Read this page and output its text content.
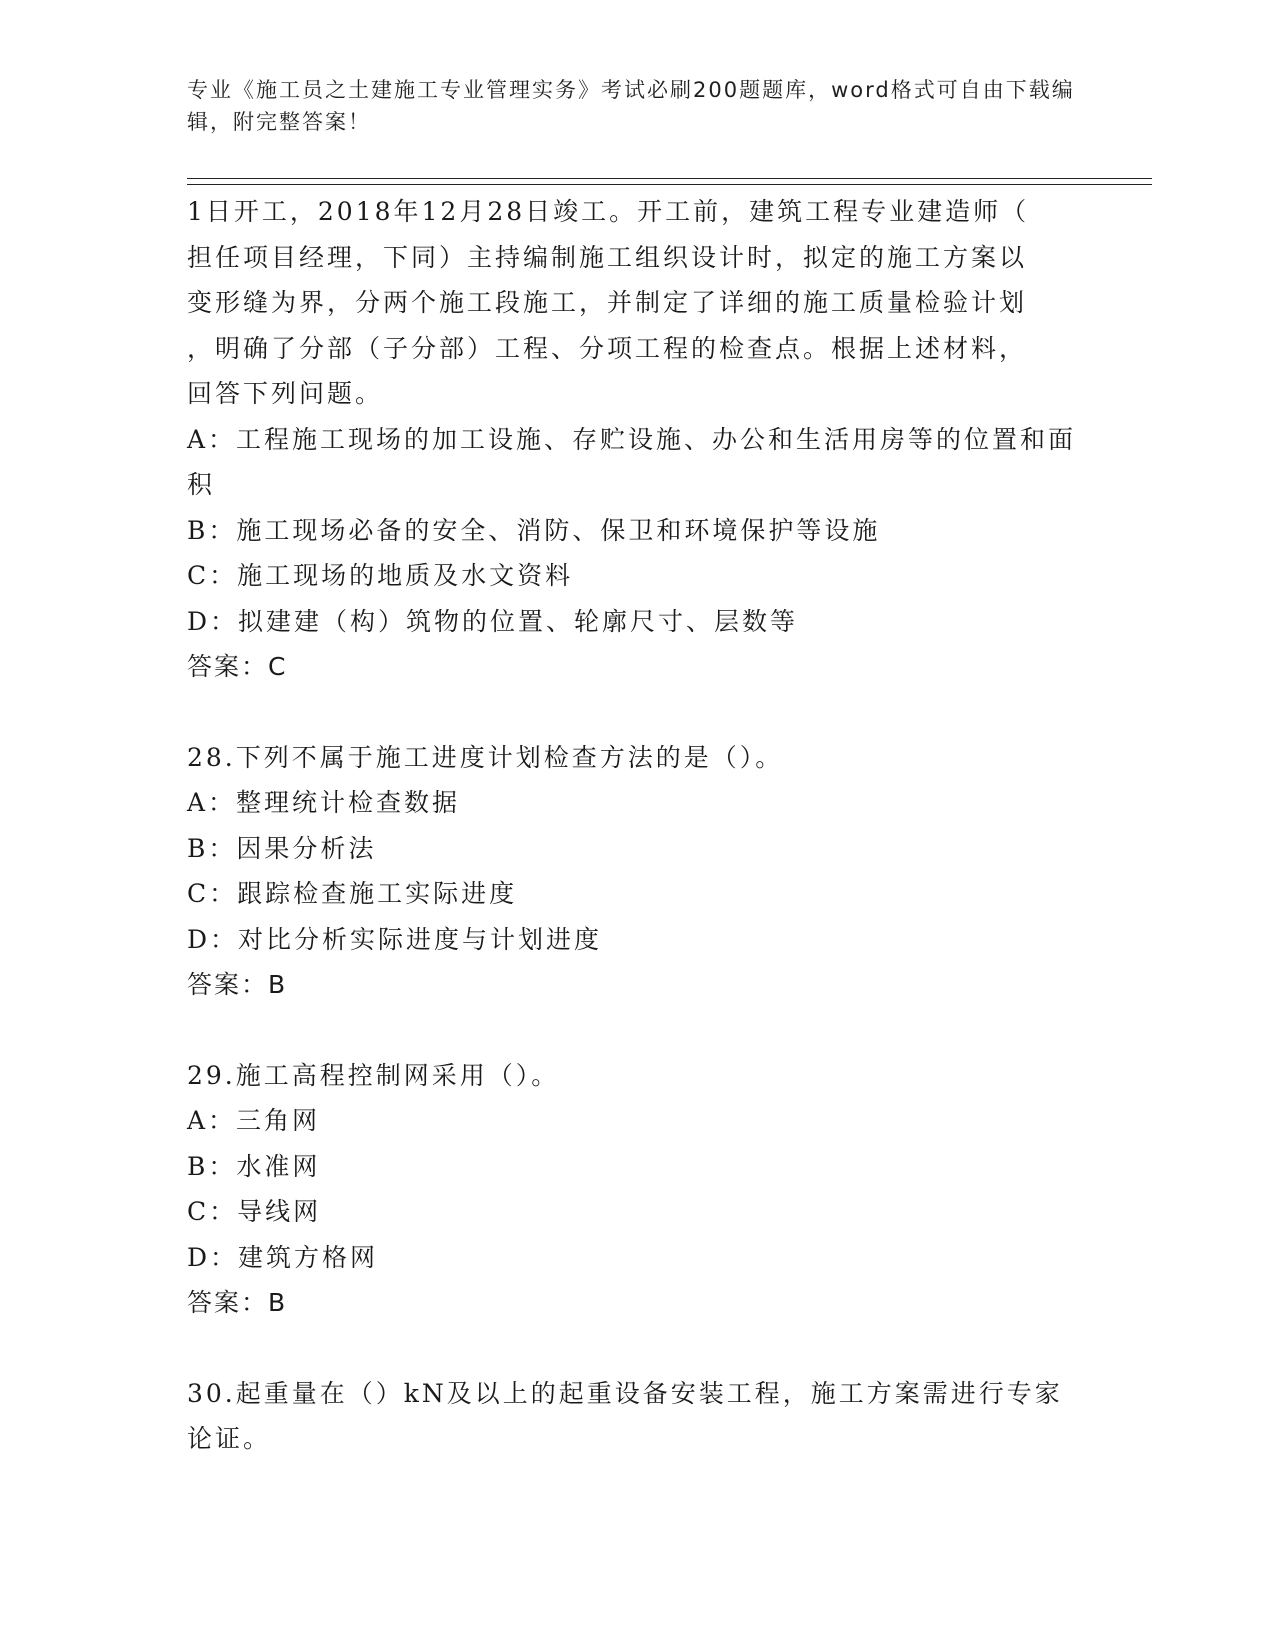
专业《施工员之土建施工专业管理实务》考试必刷200题题库，word格式可自由下载编辑，附完整答案！

1日开工，2018年12月28日竣工。开工前，建筑工程专业建造师（

担任项目经理，下同）主持编制施工组织设计时，拟定的施工方案以

变形缝为界，分两个施工段施工，并制定了详细的施工质量检验计划

，明确了分部（子分部）工程、分项工程的检查点。根据上述材料，

回答下列问题。

A：工程施工现场的加工设施、存贮设施、办公和生活用房等的位置和面积

B：施工现场必备的安全、消防、保卫和环境保护等设施

C：施工现场的地质及水文资料

D：拟建建（构）筑物的位置、轮廓尺寸、层数等

答案：C

28.下列不属于施工进度计划检查方法的是（）。

A：整理统计检查数据

B：因果分析法

C：跟踪检查施工实际进度

D：对比分析实际进度与计划进度

答案：B

29.施工高程控制网采用（）。

A：三角网

B：水准网

C：导线网

D：建筑方格网

答案：B

30.起重量在（）kN及以上的起重设备安装工程，施工方案需进行专家论证。
